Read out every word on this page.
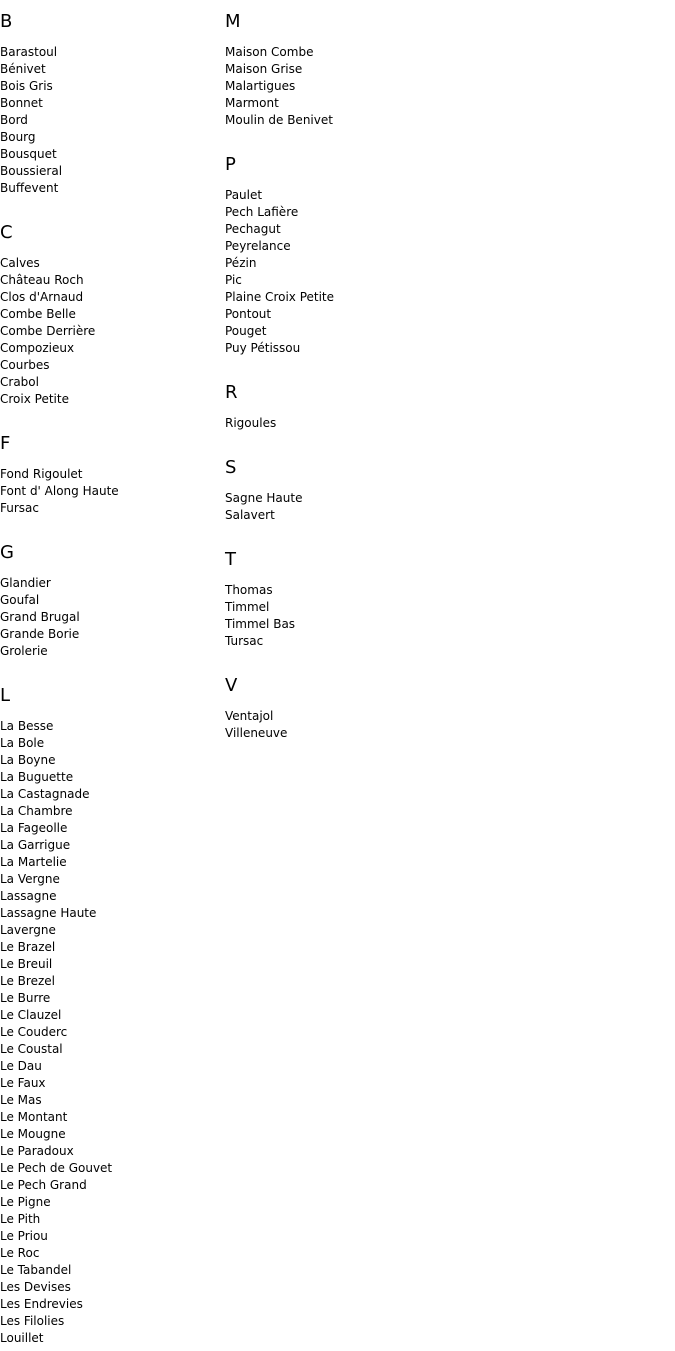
B
Barastoul
Bénivet
Bois Gris
Bonnet
Bord
Bourg
Bousquet
Boussieral
Buffevent
C
Calves
Château Roch
Clos d'Arnaud
Combe Belle
Combe Derrière
Compozieux
Courbes
Crabol
Croix Petite
F
Fond Rigoulet
Font d' Along Haute
Fursac
G
Glandier
Goufal
Grand Brugal
Grande Borie
Grolerie
L
La Besse
La Bole
La Boyne
La Buguette
La Castagnade
La Chambre
La Fageolle
La Garrigue
La Martelie
La Vergne
Lassagne
Lassagne Haute
Lavergne
Le Brazel
Le Breuil
Le Brezel
Le Burre
Le Clauzel
Le Couderc
Le Coustal
Le Dau
Le Faux
Le Mas
Le Montant
Le Mougne
Le Paradoux
Le Pech de Gouvet
Le Pech Grand
Le Pigne
Le Pith
Le Priou
Le Roc
Le Tabandel
Les Devises
Les Endrevies
Les Filolies
Louillet
M
Maison Combe
Maison Grise
Malartigues
Marmont
Moulin de Benivet
P
Paulet
Pech Lafière
Pechagut
Peyrelance
Pézin
Pic
Plaine Croix Petite
Pontout
Pouget
Puy Pétissou
R
Rigoules
S
Sagne Haute
Salavert
T
Thomas
Timmel
Timmel Bas
Tursac
V
Ventajol
Villeneuve
